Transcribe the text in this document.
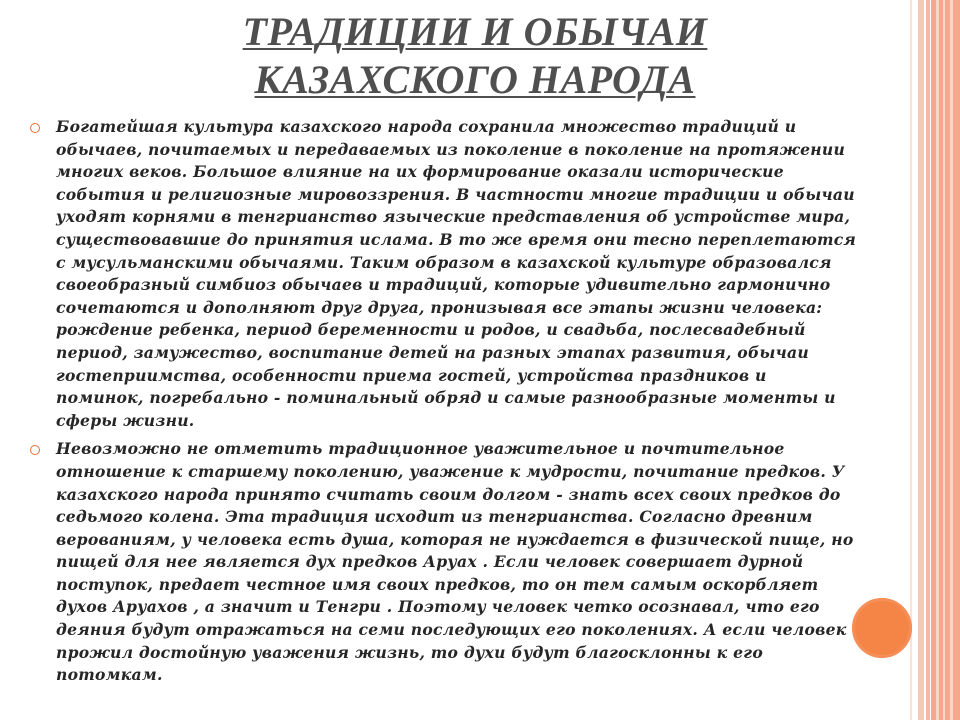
ТРАДИЦИИ И ОБЫЧАИ
КАЗАХСКОГО НАРОДА
Богатейшая культура казахского народа сохранила множество традиций и
обычаев, почитаемых и передаваемых из поколение в поколение на протяжении
многих веков. Большое влияние на их формирование оказали исторические
события и религиозные мировоззрения. В частности многие традиции и обычаи
уходят корнями в тенгрианство языческие представления об устройстве мира,
существовавшие до принятия ислама. В то же время они тесно переплетаются
с мусульманскими обычаями. Таким образом в казахской культуре образовался
своеобразный симбиоз обычаев и традиций, которые удивительно гармонично
сочетаются и дополняют друг друга, пронизывая все этапы жизни человека:
рождение ребенка, период беременности и родов, и свадьба, послесвадебный
период, замужество, воспитание детей на разных этапах развития, обычаи
гостеприимства, особенности приема гостей, устройства праздников и
поминок, погребально - поминальный обряд и самые разнообразные моменты и
сферы жизни.
Невозможно не отметить традиционное уважительное и почтительное
отношение к старшему поколению, уважение к мудрости, почитание предков. У
казахского народа принято считать своим долгом - знать всех своих предков до
седьмого колена. Эта традиция исходит из тенгрианства. Согласно древним
верованиям, у человека есть душа, которая не нуждается в физической пище, но
пищей для нее является дух предков Аруах . Если человек совершает дурной
поступок, предает честное имя своих предков, то он тем самым оскорбляет
духов Аруахов , а значит и Тенгри . Поэтому человек четко осознавал, что его
деяния будут отражаться на семи последующих его поколениях. А если человек
прожил достойную уважения жизнь, то духи будут благосклонны к его
потомкам.
